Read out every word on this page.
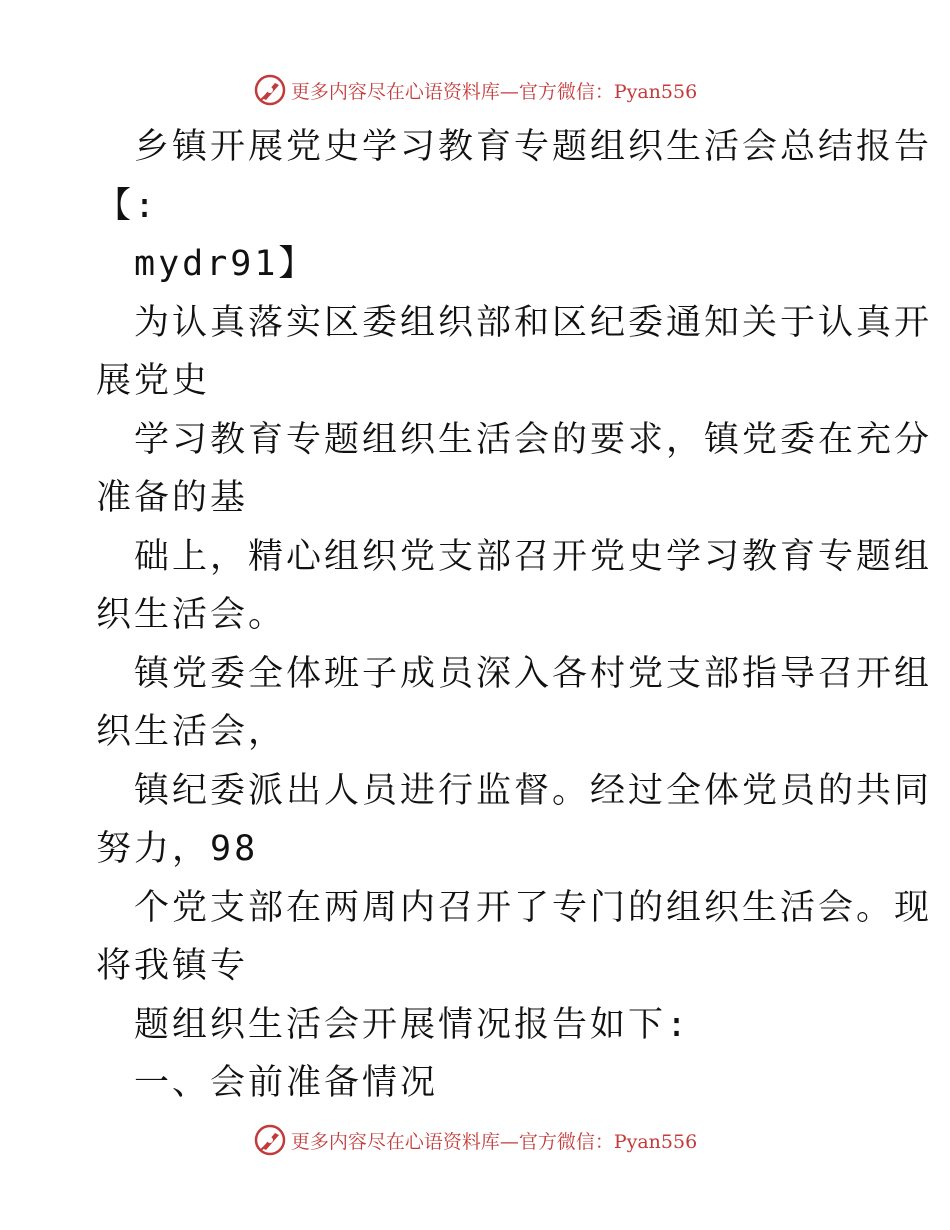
更多内容尽在心语资料库—官方微信：Pyan556
乡镇开展党史学习教育专题组织生活会总结报告
【:
mydr91】
为认真落实区委组织部和区纪委通知关于认真开
展党史
学习教育专题组织生活会的要求，镇党委在充分
准备的基
础上，精心组织党支部召开党史学习教育专题组
织生活会。
镇党委全体班子成员深入各村党支部指导召开组
织生活会，
镇纪委派出人员进行监督。经过全体党员的共同
努力，98
个党支部在两周内召开了专门的组织生活会。现
将我镇专
题组织生活会开展情况报告如下:
一、会前准备情况
更多内容尽在心语资料库—官方微信：Pyan556
